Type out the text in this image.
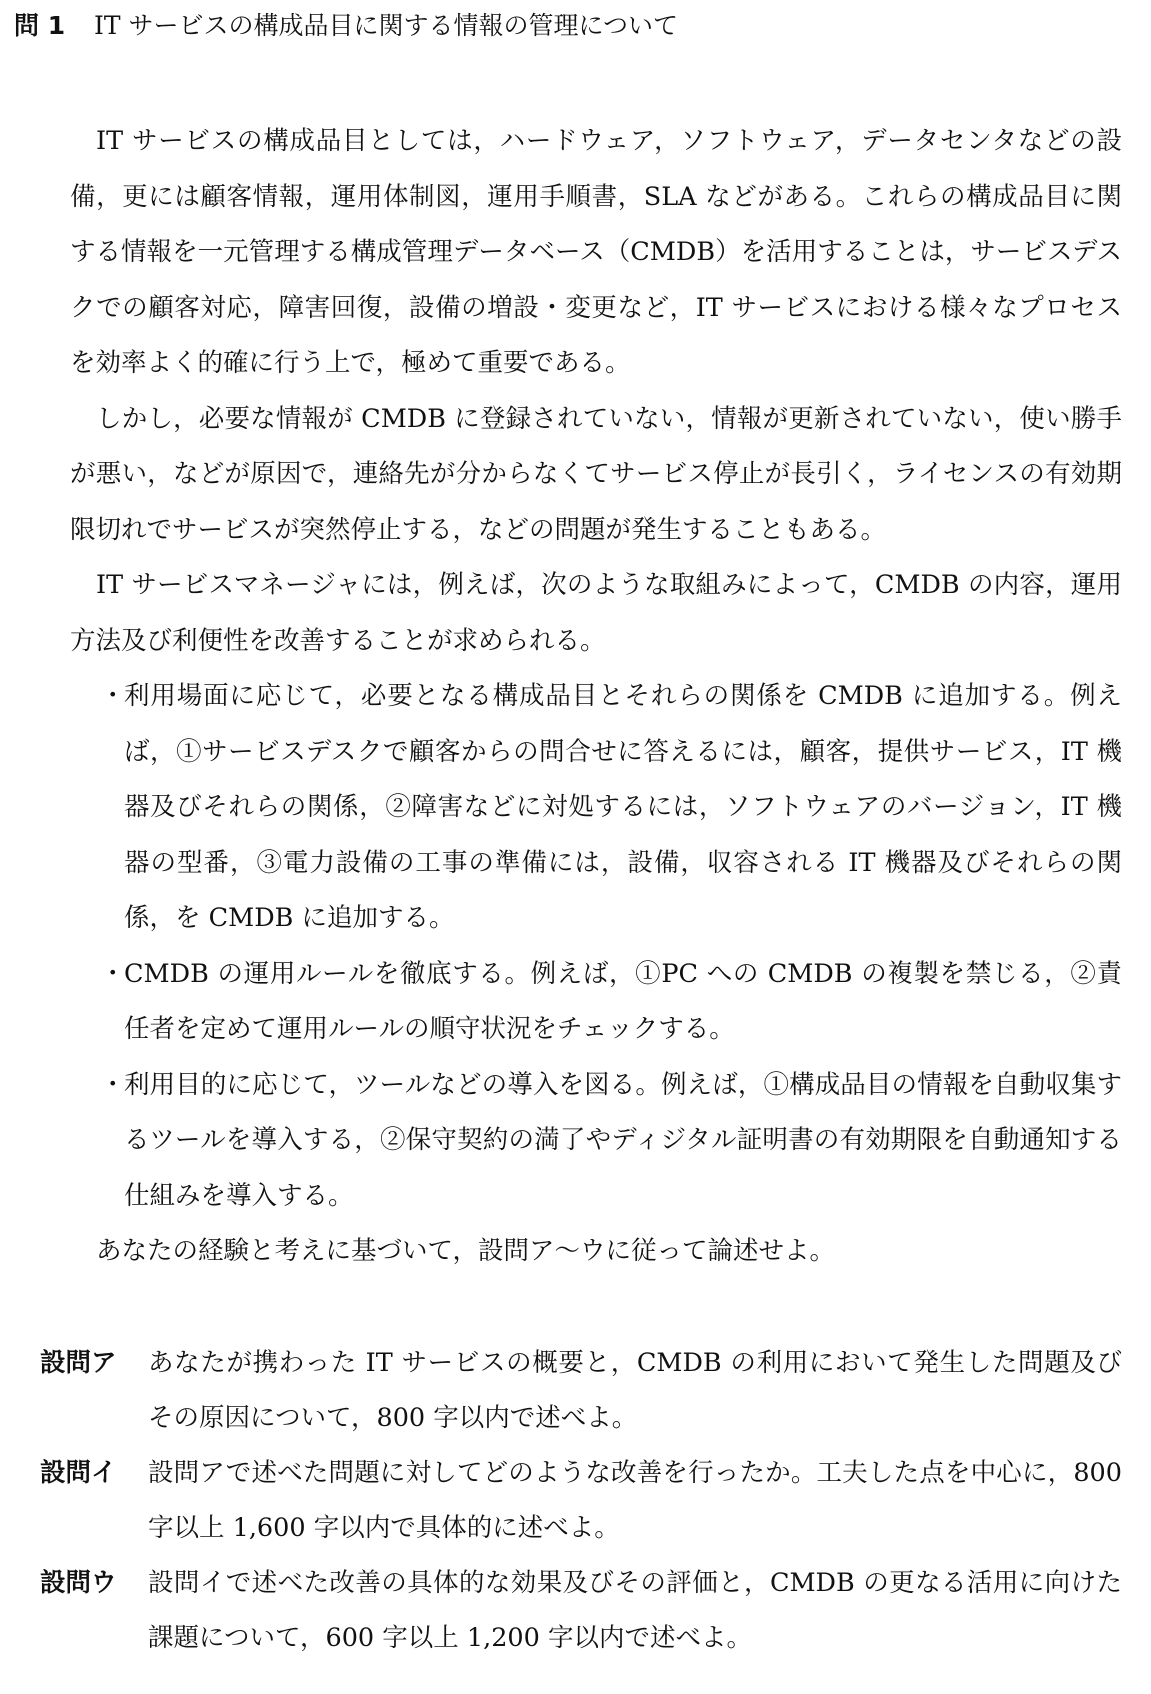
問 1	IT サービスの構成品目に関する情報の管理について

IT サービスの構成品目としては，ハードウェア，ソフトウェア，データセンタなどの設備，更には顧客情報，運用体制図，運用手順書，SLA などがある。これらの構成品目に関する情報を一元管理する構成管理データベース（CMDB）を活用することは，サービスデスクでの顧客対応，障害回復，設備の増設・変更など，IT サービスにおける様々なプロセスを効率よく的確に行う上で，極めて重要である。

しかし，必要な情報が CMDB に登録されていない，情報が更新されていない，使い勝手が悪い，などが原因で，連絡先が分からなくてサービス停止が長引く，ライセンスの有効期限切れでサービスが突然停止する，などの問題が発生することもある。

IT サービスマネージャには，例えば，次のような取組みによって，CMDB の内容，運用方法及び利便性を改善することが求められる。

・
利用場面に応じて，必要となる構成品目とそれらの関係を CMDB に追加する。例えば，①サービスデスクで顧客からの問合せに答えるには，顧客，提供サービス，IT 機器及びそれらの関係，②障害などに対処するには，ソフトウェアのバージョン，IT 機器の型番，③電力設備の工事の準備には，設備，収容される IT 機器及びそれらの関係，を CMDB に追加する。
・
CMDB の運用ルールを徹底する。例えば，①PC への CMDB の複製を禁じる，②責任者を定めて運用ルールの順守状況をチェックする。
・
利用目的に応じて，ツールなどの導入を図る。例えば，①構成品目の情報を自動収集するツールを導入する，②保守契約の満了やディジタル証明書の有効期限を自動通知する仕組みを導入する。

あなたの経験と考えに基づいて，設問ア～ウに従って論述せよ。

設問ア あなたが携わった IT サービスの概要と，CMDB の利用において発生した問題及びその原因について，800 字以内で述べよ。
設問イ 設問アで述べた問題に対してどのような改善を行ったか。工夫した点を中心に，800 字以上 1,600 字以内で具体的に述べよ。
設問ウ 設問イで述べた改善の具体的な効果及びその評価と，CMDB の更なる活用に向けた課題について，600 字以上 1,200 字以内で述べよ。
